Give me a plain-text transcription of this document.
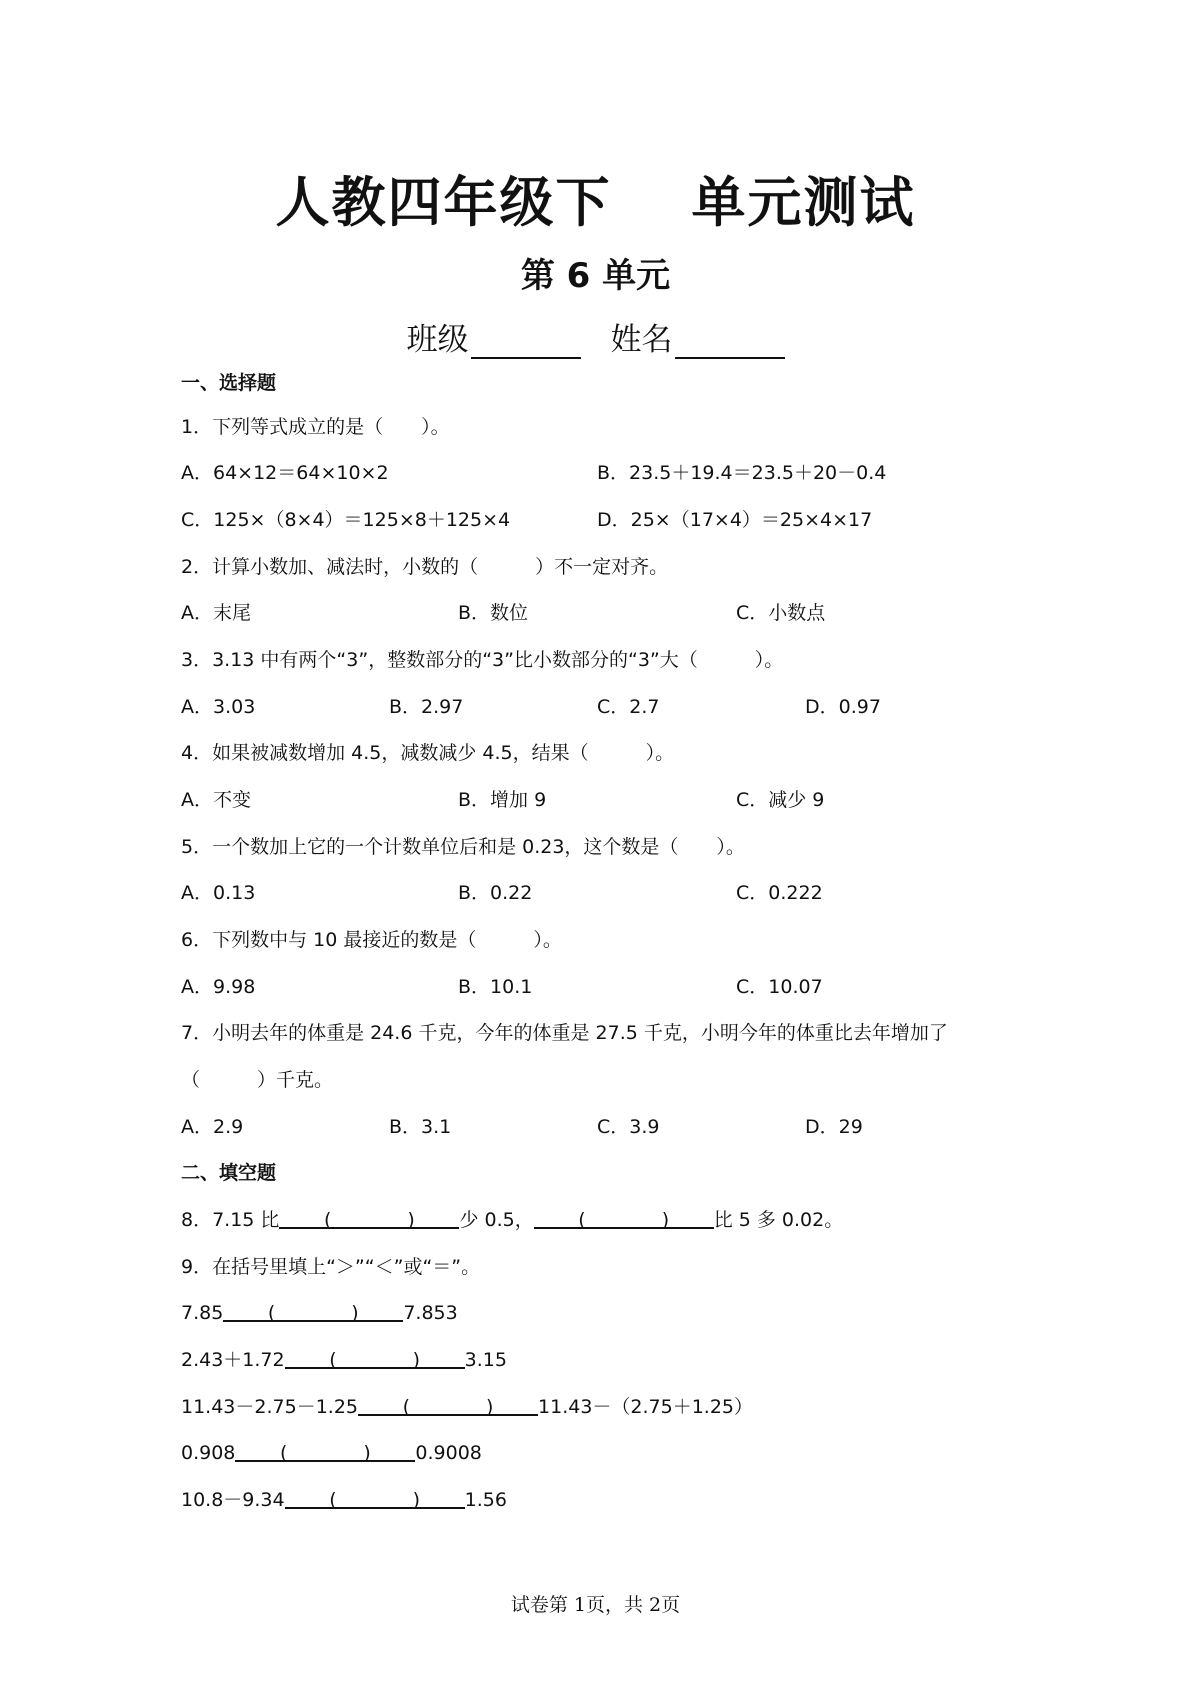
人教四年级下 单元测试
第 6 单元
班级	姓名
一、选择题
1．下列等式成立的是（　　）。
A．64×12＝64×10×2	B．23.5＋19.4＝23.5＋20－0.4
C．125×（8×4）＝125×8＋125×4	D．25×（17×4）＝25×4×17
2．计算小数加、减法时，小数的（　　　）不一定对齐。
A．末尾	B．数位	C．小数点
3．3.13 中有两个“3”，整数部分的“3”比小数部分的“3”大（　　　）。
A．3.03	B．2.97	C．2.7	D．0.97
4．如果被减数增加 4.5，减数减少 4.5，结果（　　　）。
A．不变	B．增加 9	C．减少 9
5．一个数加上它的一个计数单位后和是 0.23，这个数是（　　）。
A．0.13	B．0.22	C．0.222
6．下列数中与 10 最接近的数是（　　　）。
A．9.98	B．10.1	C．10.07
7．小明去年的体重是 24.6 千克，今年的体重是 27.5 千克，小明今年的体重比去年增加了
（　　　）千克。
A．2.9	B．3.1	C．3.9	D．29
二、填空题
8．7.15 比 (　　　　) 少 0.5， (　　　　) 比 5 多 0.02。
9．在括号里填上“＞”“＜”或“＝”。
7.85 (　　　　) 7.853
2.43＋1.72 (　　　　) 3.15
11.43－2.75－1.25 (　　　　) 11.43－（2.75＋1.25）
0.908 (　　　　) 0.9008
10.8－9.34 (　　　　) 1.56
试卷第 1页，共 2页
